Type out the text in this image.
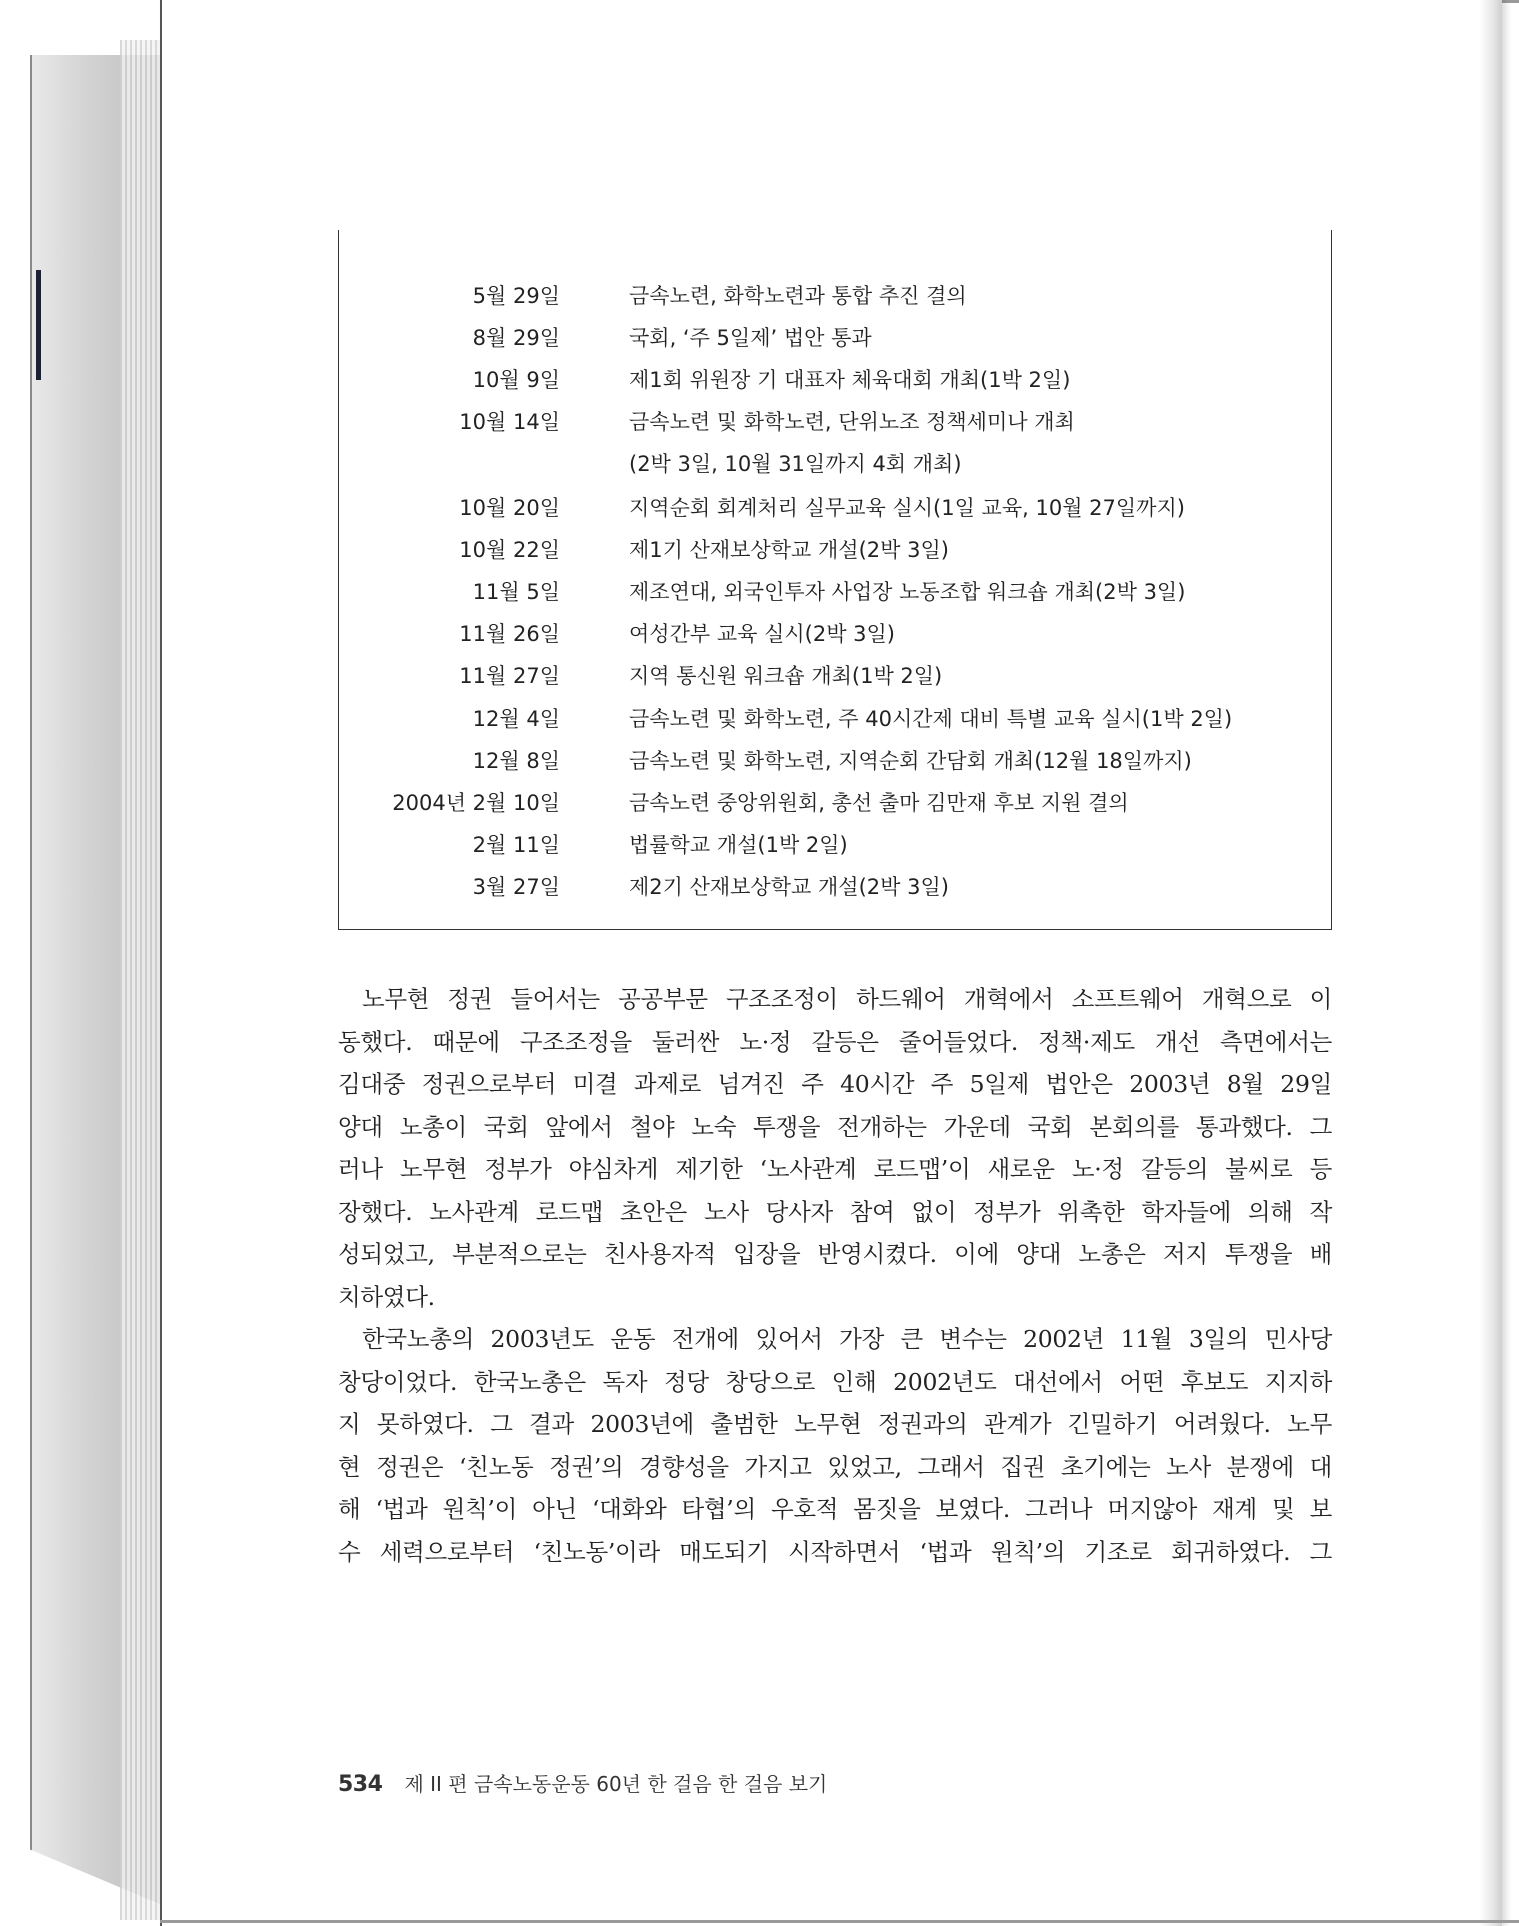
5월 29일	금속노련, 화학노련과 통합 추진 결의
8월 29일	국회, ‘주 5일제’ 법안 통과
10월 9일	제1회 위원장 기 대표자 체육대회 개최(1박 2일)
10월 14일	금속노련 및 화학노련, 단위노조 정책세미나 개최
(2박 3일, 10월 31일까지 4회 개최)
10월 20일	지역순회 회계처리 실무교육 실시(1일 교육, 10월 27일까지)
10월 22일	제1기 산재보상학교 개설(2박 3일)
11월 5일	제조연대, 외국인투자 사업장 노동조합 워크숍 개최(2박 3일)
11월 26일	여성간부 교육 실시(2박 3일)
11월 27일	지역 통신원 워크숍 개최(1박 2일)
12월 4일	금속노련 및 화학노련, 주 40시간제 대비 특별 교육 실시(1박 2일)
12월 8일	금속노련 및 화학노련, 지역순회 간담회 개최(12월 18일까지)
2004년 2월 10일	금속노련 중앙위원회, 총선 출마 김만재 후보 지원 결의
2월 11일	법률학교 개설(1박 2일)
3월 27일	제2기 산재보상학교 개설(2박 3일)

노무현 정권 들어서는 공공부문 구조조정이 하드웨어 개혁에서 소프트웨어 개혁으로 이
동했다. 때문에 구조조정을 둘러싼 노·정 갈등은 줄어들었다. 정책·제도 개선 측면에서는
김대중 정권으로부터 미결 과제로 넘겨진 주 40시간 주 5일제 법안은 2003년 8월 29일
양대 노총이 국회 앞에서 철야 노숙 투쟁을 전개하는 가운데 국회 본회의를 통과했다. 그
러나 노무현 정부가 야심차게 제기한 ‘노사관계 로드맵’이 새로운 노·정 갈등의 불씨로 등
장했다. 노사관계 로드맵 초안은 노사 당사자 참여 없이 정부가 위촉한 학자들에 의해 작
성되었고, 부분적으로는 친사용자적 입장을 반영시켰다. 이에 양대 노총은 저지 투쟁을 배
치하였다.

한국노총의 2003년도 운동 전개에 있어서 가장 큰 변수는 2002년 11월 3일의 민사당
창당이었다. 한국노총은 독자 정당 창당으로 인해 2002년도 대선에서 어떤 후보도 지지하
지 못하였다. 그 결과 2003년에 출범한 노무현 정권과의 관계가 긴밀하기 어려웠다. 노무
현 정권은 ‘친노동 정권’의 경향성을 가지고 있었고, 그래서 집권 초기에는 노사 분쟁에 대
해 ‘법과 원칙’이 아닌 ‘대화와 타협’의 우호적 몸짓을 보였다. 그러나 머지않아 재계 및 보
수 세력으로부터 ‘친노동’이라 매도되기 시작하면서 ‘법과 원칙’의 기조로 회귀하였다. 그

534 제 II 편 금속노동운동 60년 한 걸음 한 걸음 보기
